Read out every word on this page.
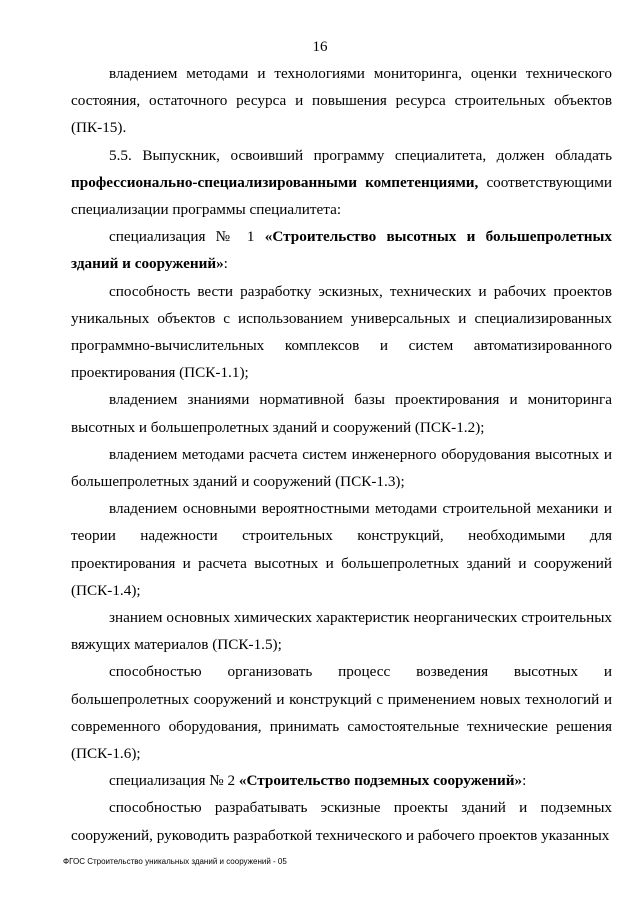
16

владением методами и технологиями мониторинга, оценки технического состояния, остаточного ресурса и повышения ресурса строительных объектов (ПК-15).

5.5. Выпускник, освоивший программу специалитета, должен обладать профессионально-специализированными компетенциями, соответствующими специализации программы специалитета:

специализация № 1 «Строительство высотных и большепролетных зданий и сооружений»:

способность вести разработку эскизных, технических и рабочих проектов уникальных объектов с использованием универсальных и специализированных программно-вычислительных комплексов и систем автоматизированного проектирования (ПСК-1.1);

владением знаниями нормативной базы проектирования и мониторинга высотных и большепролетных зданий и сооружений (ПСК-1.2);

владением методами расчета систем инженерного оборудования высотных и большепролетных зданий и сооружений (ПСК-1.3);

владением основными вероятностными методами строительной механики и теории надежности строительных конструкций, необходимыми для проектирования и расчета высотных и большепролетных зданий и сооружений (ПСК-1.4);

знанием основных химических характеристик неорганических строительных вяжущих материалов (ПСК-1.5);

способностью организовать процесс возведения высотных и большепролетных сооружений и конструкций с применением новых технологий и современного оборудования, принимать самостоятельные технические решения (ПСК-1.6);

специализация № 2 «Строительство подземных сооружений»:

способностью разрабатывать эскизные проекты зданий и подземных сооружений, руководить разработкой технического и рабочего проектов указанных

ФГОС Строительство уникальных зданий и сооружений - 05
